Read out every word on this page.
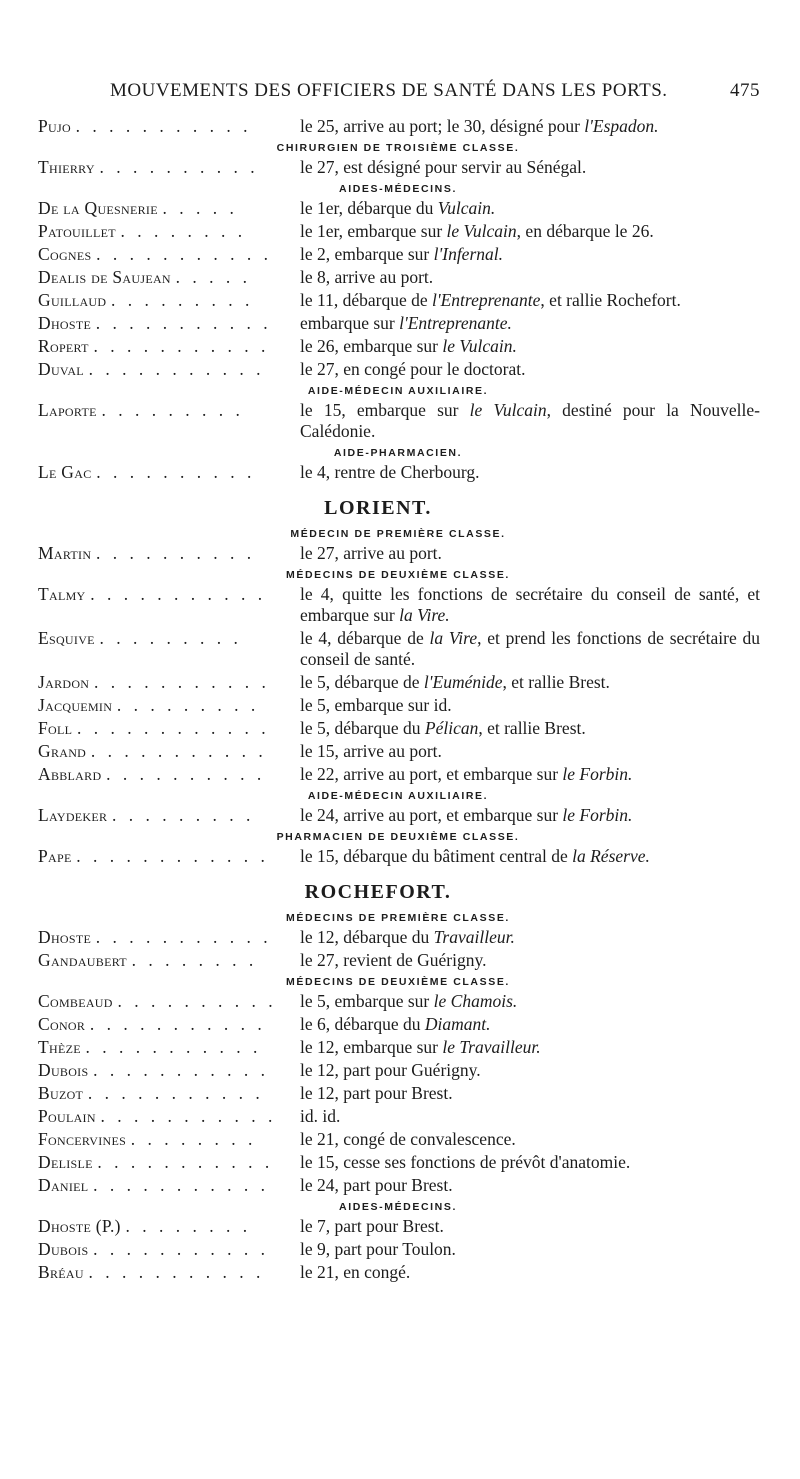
MOUVEMENTS DES OFFICIERS DE SANTÉ DANS LES PORTS.	475
Pujo . . . . . . . . . . .	le 25, arrive au port; le 30, désigné pour l'Espadon.
CHIRURGIEN DE TROISIÈME CLASSE.
Thierry . . . . . . . . . .	le 27, est désigné pour servir au Sénégal.
AIDES-MÉDECINS.
De la Quesnerie . . . . .	le 1er, débarque du Vulcain.
Patouillet . . . . . . . .	le 1er, embarque sur le Vulcain, en débarque le 26.
Cognes . . . . . . . . . . .	le 2, embarque sur l'Infernal.
Dealis de Saujean . . . . .	le 8, arrive au port.
Guillaud . . . . . . . . .	le 11, débarque de l'Entreprenante, et rallie Rochefort.
Dhoste . . . . . . . . . . .	embarque sur l'Entreprenante.
Ropert . . . . . . . . . . .	le 26, embarque sur le Vulcain.
Duval . . . . . . . . . . .	le 27, en congé pour le doctorat.
AIDE-MÉDECIN AUXILIAIRE.
Laporte . . . . . . . . .	le 15, embarque sur le Vulcain, destiné pour la Nouvelle-Calédonie.
AIDE-PHARMACIEN.
Le Gac . . . . . . . . . .	le 4, rentre de Cherbourg.
LORIENT.
MÉDECIN DE PREMIÈRE CLASSE.
Martin . . . . . . . . . .	le 27, arrive au port.
MÉDECINS DE DEUXIÈME CLASSE.
Talmy . . . . . . . . . . .	le 4, quitte les fonctions de secrétaire du conseil de santé, et embarque sur la Vire.
Esquive . . . . . . . . .	le 4, débarque de la Vire, et prend les fonctions de secrétaire du conseil de santé.
Jardon . . . . . . . . . . .	le 5, débarque de l'Euménide, et rallie Brest.
Jacquemin . . . . . . . . .	le 5, embarque sur id.
Foll . . . . . . . . . . . .	le 5, débarque du Pélican, et rallie Brest.
Grand . . . . . . . . . . .	le 15, arrive au port.
Abblard . . . . . . . . . .	le 22, arrive au port, et embarque sur le Forbin.
AIDE-MÉDECIN AUXILIAIRE.
Laydeker . . . . . . . . .	le 24, arrive au port, et embarque sur le Forbin.
PHARMACIEN DE DEUXIÈME CLASSE.
Pape . . . . . . . . . . . .	le 15, débarque du bâtiment central de la Réserve.
ROCHEFORT.
MÉDECINS DE PREMIÈRE CLASSE.
Dhoste . . . . . . . . . . .	le 12, débarque du Travailleur.
Gandaubert . . . . . . . .	le 27, revient de Guérigny.
MÉDECINS DE DEUXIÈME CLASSE.
Combeaud . . . . . . . . . .	le 5, embarque sur le Chamois.
Conor . . . . . . . . . . .	le 6, débarque du Diamant.
Thèze . . . . . . . . . . .	le 12, embarque sur le Travailleur.
Dubois . . . . . . . . . . .	le 12, part pour Guérigny.
Buzot . . . . . . . . . . .	le 12, part pour Brest.
Poulain . . . . . . . . . . .	id. id.
Foncervines . . . . . . . .	le 21, congé de convalescence.
Delisle . . . . . . . . . . .	le 15, cesse ses fonctions de prévôt d'anatomie.
Daniel . . . . . . . . . . .	le 24, part pour Brest.
AIDES-MÉDECINS.
Dhoste (P.) . . . . . . . .	le 7, part pour Brest.
Dubois . . . . . . . . . . .	le 9, part pour Toulon.
Bréau . . . . . . . . . . .	le 21, en congé.
